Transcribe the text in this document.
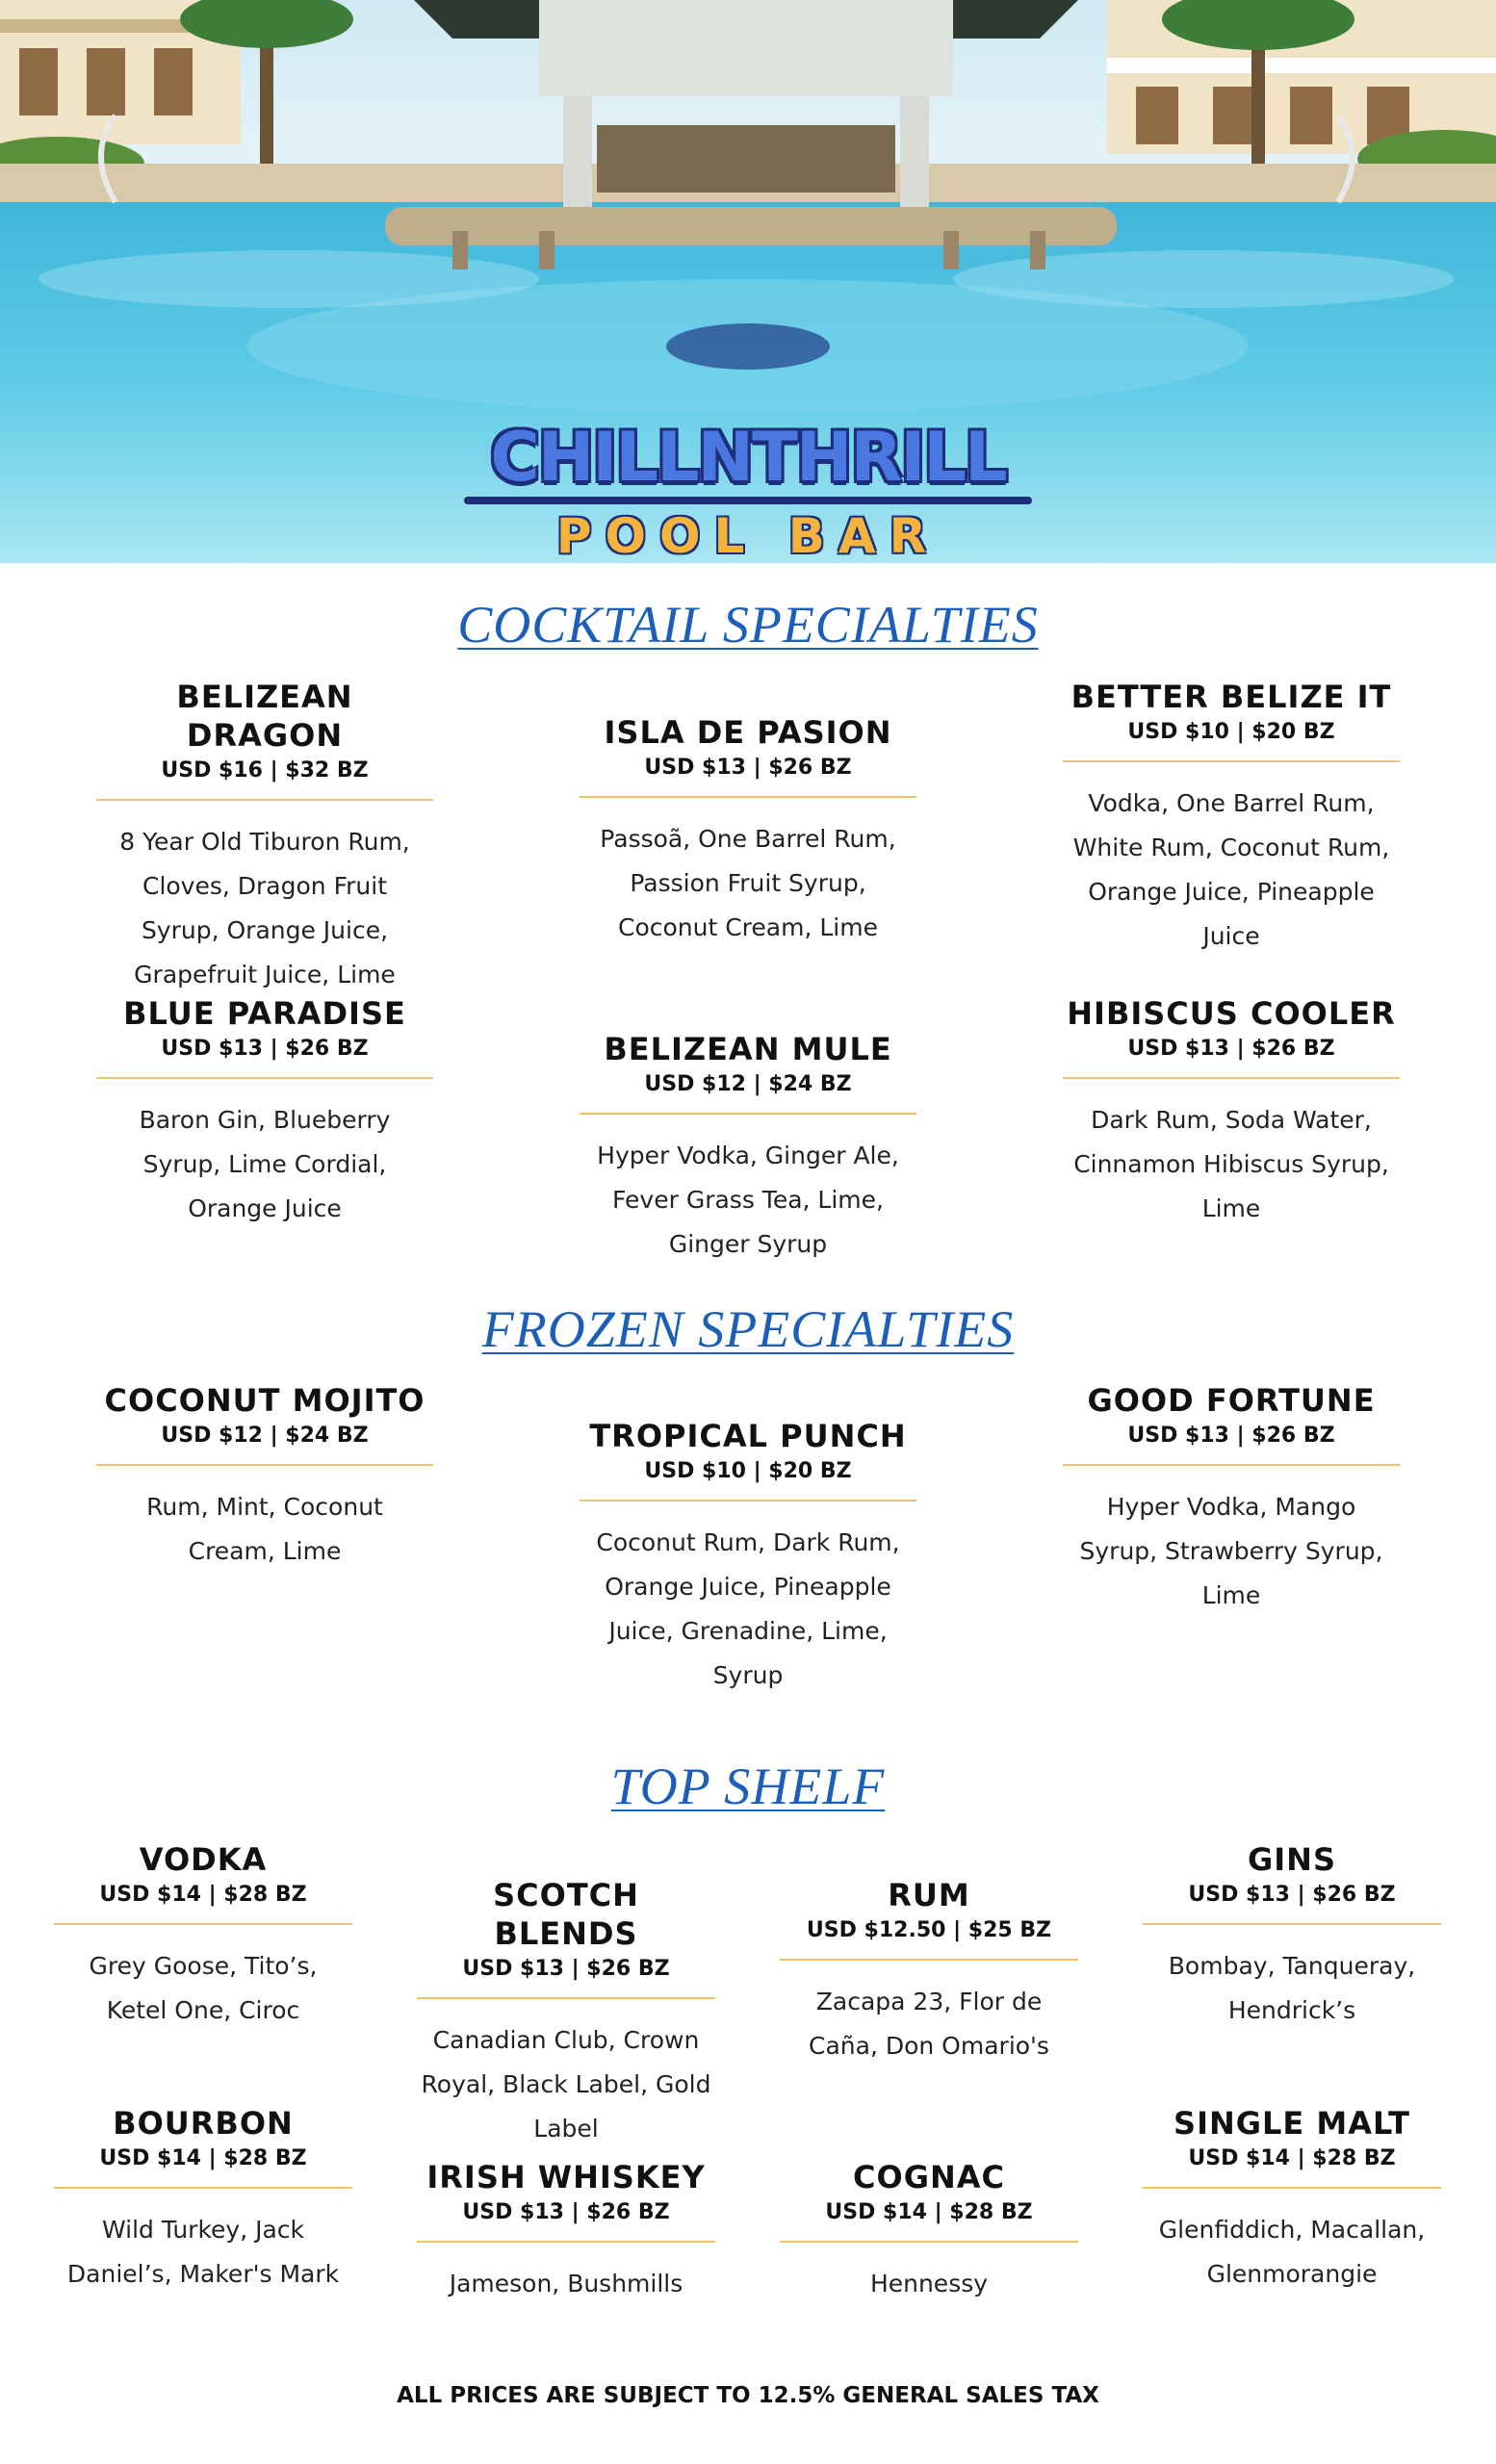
CHILLNTHRILL
POOL BAR
COCKTAIL SPECIALTIES
BELIZEAN DRAGON
USD $16 | $32 BZ
8 Year Old Tiburon Rum, Cloves, Dragon Fruit Syrup, Orange Juice, Grapefruit Juice, Lime
ISLA DE PASION
USD $13 | $26 BZ
Passoã, One Barrel Rum, Passion Fruit Syrup, Coconut Cream, Lime
BETTER BELIZE IT
USD $10 | $20 BZ
Vodka, One Barrel Rum, White Rum, Coconut Rum, Orange Juice, Pineapple Juice
BLUE PARADISE
USD $13 | $26 BZ
Baron Gin, Blueberry Syrup, Lime Cordial, Orange Juice
BELIZEAN MULE
USD $12 | $24 BZ
Hyper Vodka, Ginger Ale, Fever Grass Tea, Lime, Ginger Syrup
HIBISCUS COOLER
USD $13 | $26 BZ
Dark Rum, Soda Water, Cinnamon Hibiscus Syrup, Lime
FROZEN SPECIALTIES
COCONUT MOJITO
USD $12 | $24 BZ
Rum, Mint, Coconut Cream, Lime
TROPICAL PUNCH
USD $10 | $20 BZ
Coconut Rum, Dark Rum, Orange Juice, Pineapple Juice, Grenadine, Lime, Syrup
GOOD FORTUNE
USD $13 | $26 BZ
Hyper Vodka, Mango Syrup, Strawberry Syrup, Lime
TOP SHELF
VODKA
USD $14 | $28 BZ
Grey Goose, Tito’s, Ketel One, Ciroc
SCOTCH BLENDS
USD $13 | $26 BZ
Canadian Club, Crown Royal, Black Label, Gold Label
RUM
USD $12.50 | $25 BZ
Zacapa 23, Flor de Caña, Don Omario's
GINS
USD $13 | $26 BZ
Bombay, Tanqueray, Hendrick’s
BOURBON
USD $14 | $28 BZ
Wild Turkey, Jack Daniel’s, Maker's Mark
IRISH WHISKEY
USD $13 | $26 BZ
Jameson, Bushmills
COGNAC
USD $14 | $28 BZ
Hennessy
SINGLE MALT
USD $14 | $28 BZ
Glenfiddich, Macallan, Glenmorangie
ALL PRICES ARE SUBJECT TO 12.5% GENERAL SALES TAX
